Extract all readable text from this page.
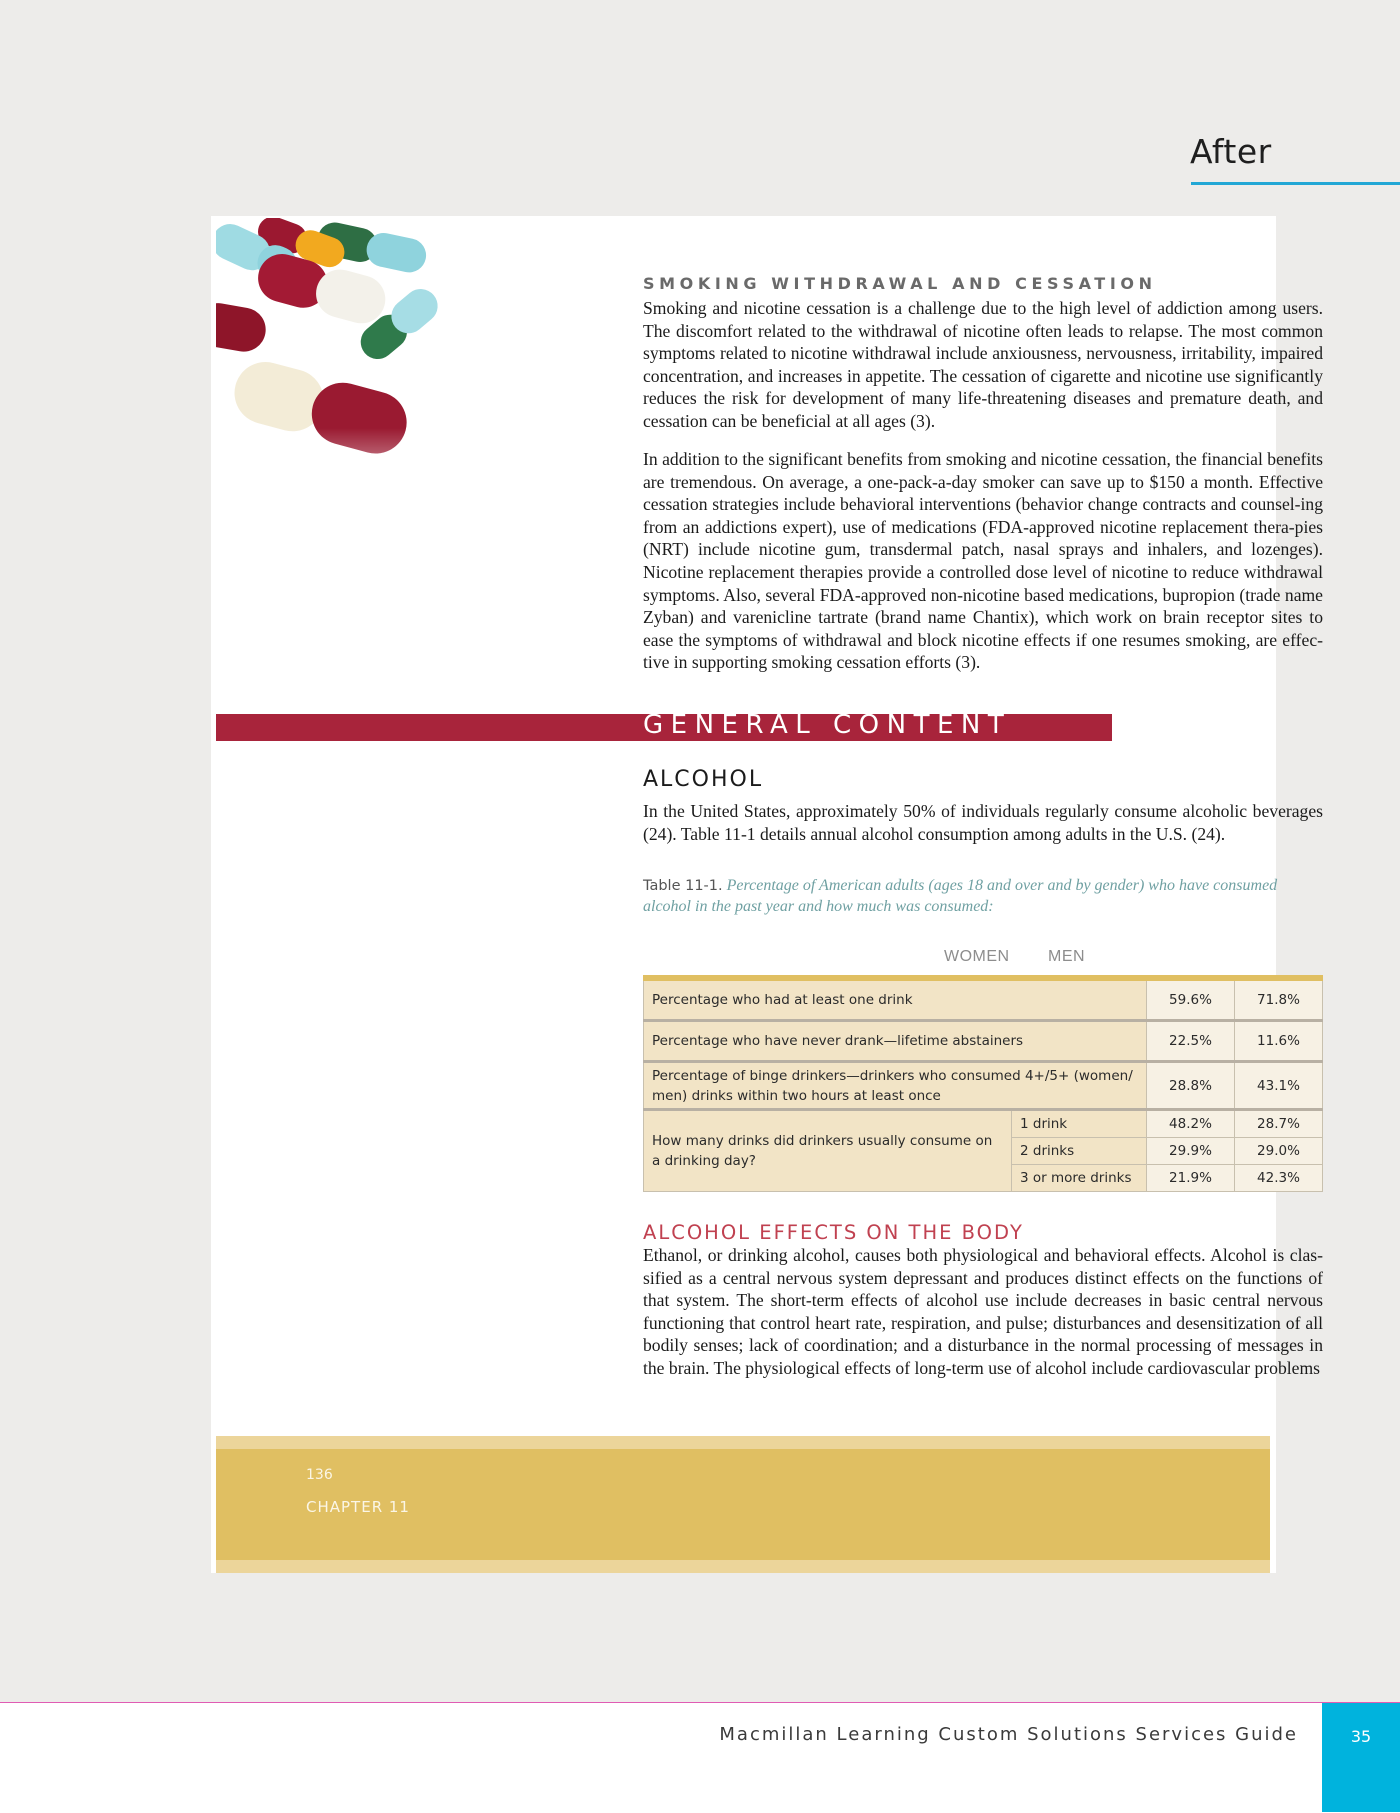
After
SMOKING WITHDRAWAL AND CESSATION

Smoking and nicotine cessation is a challenge due to the high level of addiction among users. The discomfort related to the withdrawal of nicotine often leads to relapse. The most common symptoms related to nicotine withdrawal include anxiousness, nervousness, irritability, impaired concentration, and increases in appetite. The cessation of cigarette and nicotine use significantly reduces the risk for development of many life-threatening diseases and premature death, and cessation can be beneficial at all ages (3).

In addition to the significant benefits from smoking and nicotine cessation, the financial benefits are tremendous. On average, a one-pack-a-day smoker can save up to $150 a month. Effective cessation strategies include behavioral interventions (behavior change contracts and counsel-ing from an addictions expert), use of medications (FDA-approved nicotine replacement thera-pies (NRT) include nicotine gum, transdermal patch, nasal sprays and inhalers, and lozenges). Nicotine replacement therapies provide a controlled dose level of nicotine to reduce withdrawal symptoms. Also, several FDA-approved non-nicotine based medications, bupropion (trade name Zyban) and varenicline tartrate (brand name Chantix), which work on brain receptor sites to ease the symptoms of withdrawal and block nicotine effects if one resumes smoking, are effec-tive in supporting smoking cessation efforts (3).

GENERAL CONTENT
ALCOHOL

In the United States, approximately 50% of individuals regularly consume alcoholic beverages (24). Table 11-1 details annual alcohol consumption among adults in the U.S. (24).

Table 11-1. Percentage of American adults (ages 18 and over and by gender) who have consumed alcohol in the past year and how much was consumed:
WOMEN MEN
Percentage who had at least one drink		59.6%	71.8%
Percentage who have never drank—lifetime abstainers		22.5%	11.6%
Percentage of binge drinkers—drinkers who consumed 4+/5+ (women/ men) drinks within two hours at least once		28.8%	43.1%
How many drinks did drinkers usually consume on a drinking day?	1 drink	48.2%	28.7%
	2 drinks	29.9%	29.0%
	3 or more drinks	21.9%	42.3%
ALCOHOL EFFECTS ON THE BODY

Ethanol, or drinking alcohol, causes both physiological and behavioral effects. Alcohol is clas-sified as a central nervous system depressant and produces distinct effects on the functions of that system. The short-term effects of alcohol use include decreases in basic central nervous functioning that control heart rate, respiration, and pulse; disturbances and desensitization of all bodily senses; lack of coordination; and a disturbance in the normal processing of messages in the brain. The physiological effects of long-term use of alcohol include cardiovascular problems

136
CHAPTER 11
Macmillan Learning Custom Solutions Services Guide	35
